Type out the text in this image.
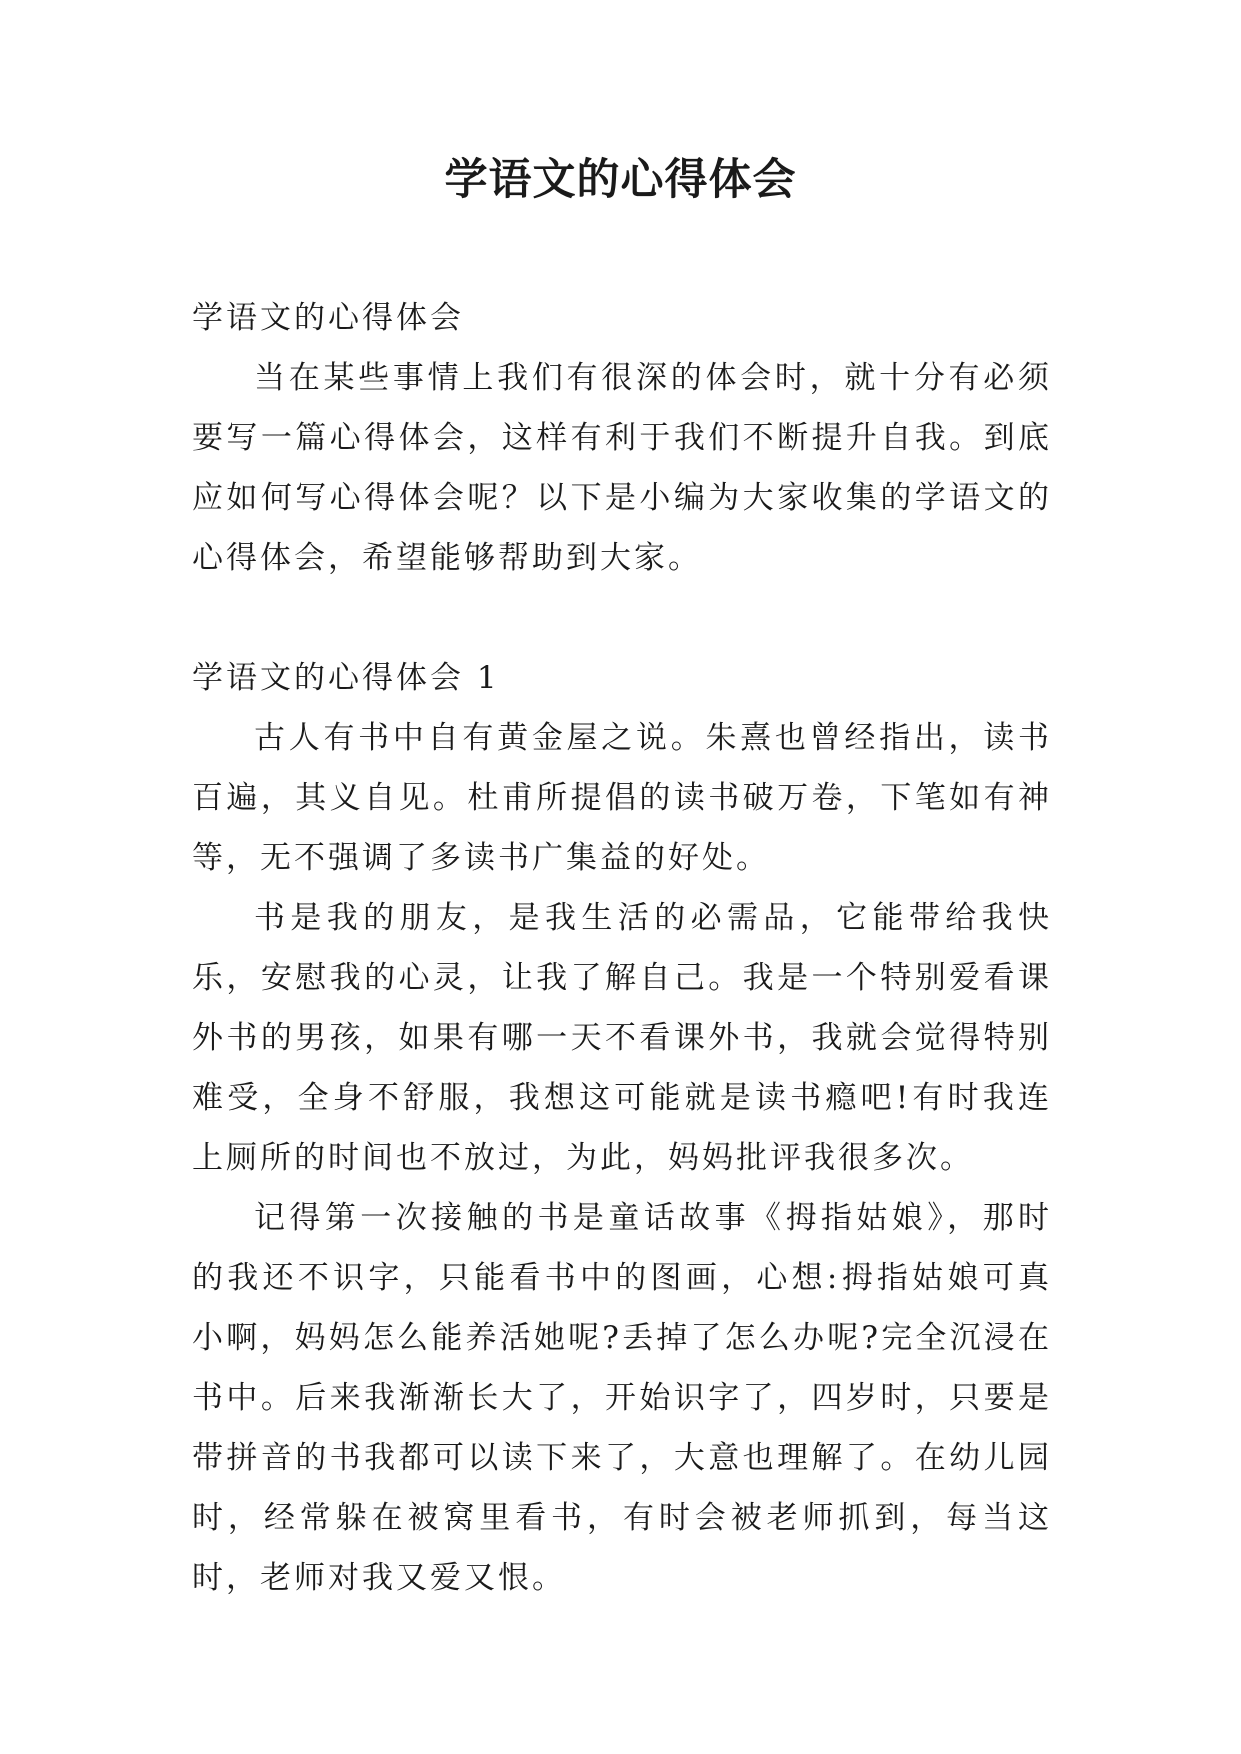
学语文的心得体会

学语文的心得体会

当在某些事情上我们有很深的体会时，就十分有必须要写一篇心得体会，这样有利于我们不断提升自我。到底应如何写心得体会呢？以下是小编为大家收集的学语文的心得体会，希望能够帮助到大家。

学语文的心得体会 1

古人有书中自有黄金屋之说。朱熹也曾经指出，读书百遍，其义自见。杜甫所提倡的读书破万卷，下笔如有神等，无不强调了多读书广集益的好处。

书是我的朋友，是我生活的必需品，它能带给我快乐，安慰我的心灵，让我了解自己。我是一个特别爱看课外书的男孩，如果有哪一天不看课外书，我就会觉得特别难受，全身不舒服，我想这可能就是读书瘾吧!有时我连上厕所的时间也不放过，为此，妈妈批评我很多次。

记得第一次接触的书是童话故事《拇指姑娘》，那时的我还不识字，只能看书中的图画，心想:拇指姑娘可真小啊，妈妈怎么能养活她呢?丢掉了怎么办呢?完全沉浸在书中。后来我渐渐长大了，开始识字了，四岁时，只要是带拼音的书我都可以读下来了，大意也理解了。在幼儿园时，经常躲在被窝里看书，有时会被老师抓到，每当这时，老师对我又爱又恨。
